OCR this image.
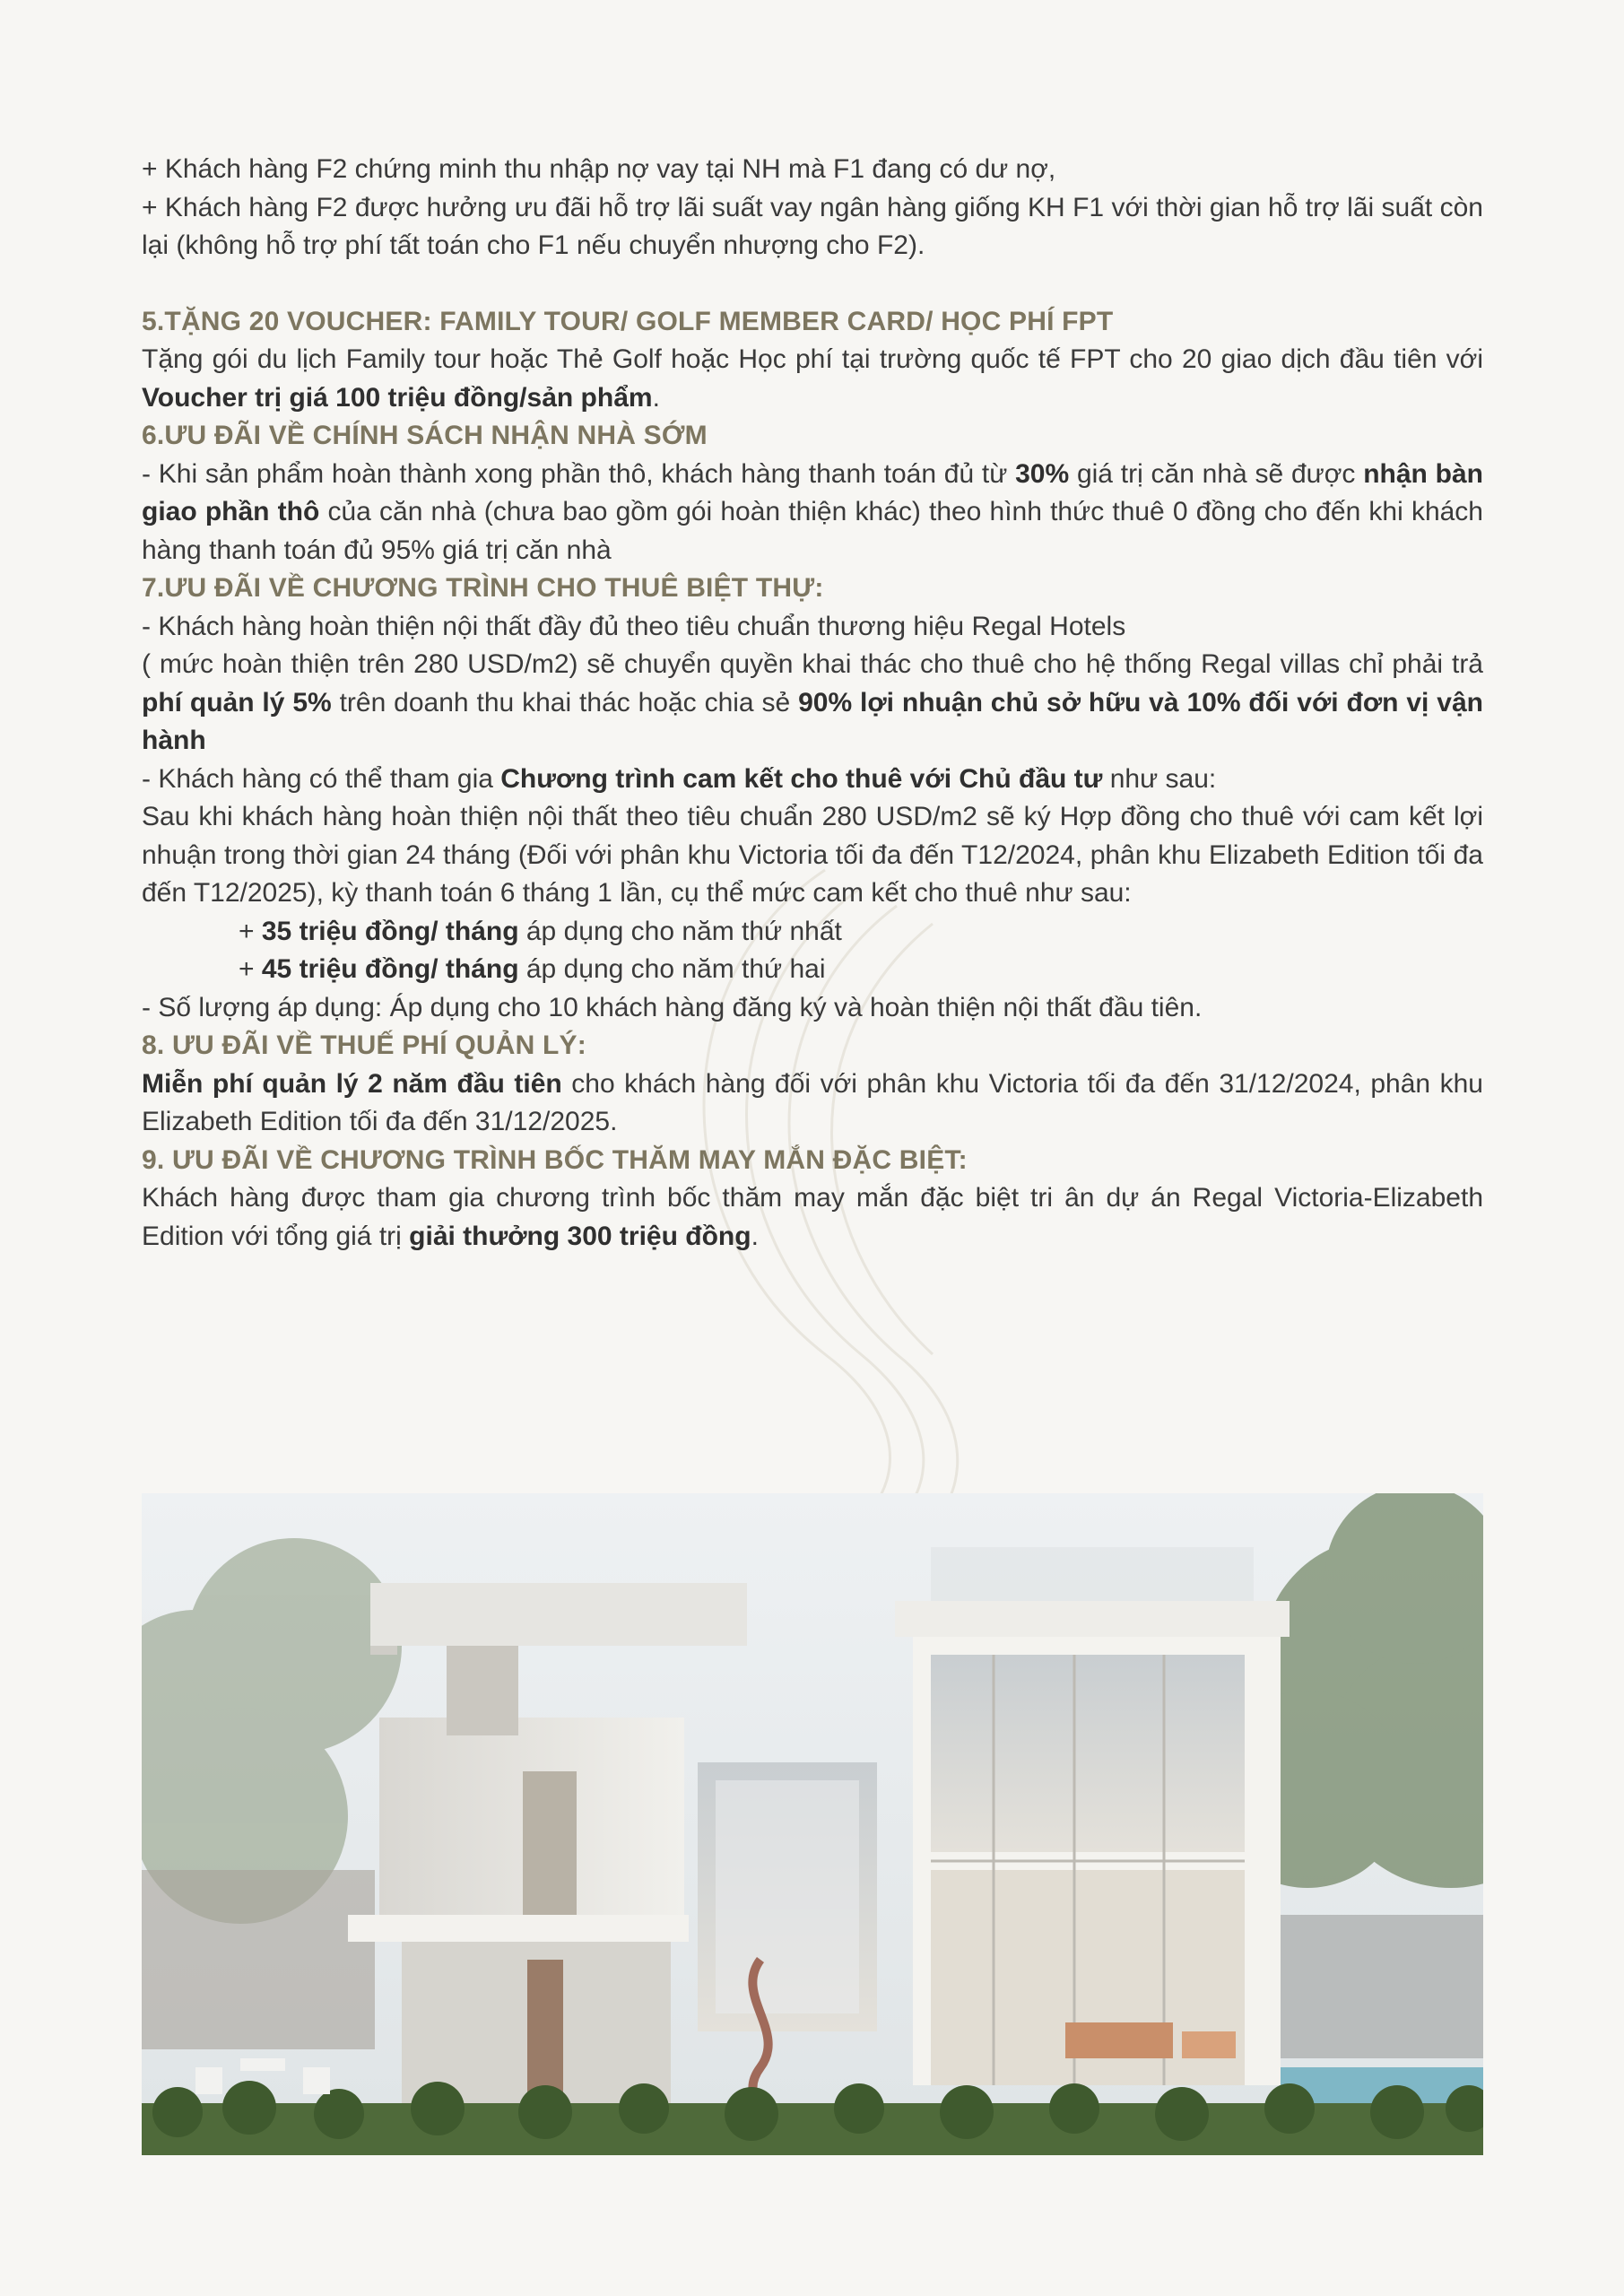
+ Khách hàng F2 chứng minh thu nhập nợ vay tại NH mà F1 đang có dư nợ,

+ Khách hàng F2 được hưởng ưu đãi hỗ trợ lãi suất vay ngân hàng giống KH F1 với thời gian hỗ trợ lãi suất còn lại (không hỗ trợ phí tất toán cho F1 nếu chuyển nhượng cho F2).

5.TẶNG 20 VOUCHER: FAMILY TOUR/ GOLF MEMBER CARD/ HỌC PHÍ FPT

Tặng gói du lịch Family tour hoặc Thẻ Golf hoặc Học phí tại trường quốc tế FPT cho 20 giao dịch đầu tiên với Voucher trị giá 100 triệu đồng/sản phẩm.

6.ƯU ĐÃI VỀ CHÍNH SÁCH NHẬN NHÀ SỚM

- Khi sản phẩm hoàn thành xong phần thô, khách hàng thanh toán đủ từ 30% giá trị căn nhà sẽ được nhận bàn giao phần thô của căn nhà (chưa bao gồm gói hoàn thiện khác) theo hình thức thuê 0 đồng cho đến khi khách hàng thanh toán đủ 95% giá trị căn nhà

7.ƯU ĐÃI VỀ CHƯƠNG TRÌNH CHO THUÊ BIỆT THỰ:

- Khách hàng hoàn thiện nội thất đầy đủ theo tiêu chuẩn thương hiệu Regal Hotels

( mức hoàn thiện trên 280 USD/m2) sẽ chuyển quyền khai thác cho thuê cho hệ thống Regal villas chỉ phải trả phí quản lý 5% trên doanh thu khai thác hoặc chia sẻ 90% lợi nhuận chủ sở hữu và 10% đối với đơn vị vận hành

- Khách hàng có thể tham gia Chương trình cam kết cho thuê với Chủ đầu tư như sau:

Sau khi khách hàng hoàn thiện nội thất theo tiêu chuẩn 280 USD/m2 sẽ ký Hợp đồng cho thuê với cam kết lợi nhuận trong thời gian 24 tháng (Đối với phân khu Victoria tối đa đến T12/2024, phân khu Elizabeth Edition tối đa đến T12/2025), kỳ thanh toán 6 tháng 1 lần, cụ thể mức cam kết cho thuê như sau:

+ 35 triệu đồng/ tháng áp dụng cho năm thứ nhất

+ 45 triệu đồng/ tháng áp dụng cho năm thứ hai

- Số lượng áp dụng: Áp dụng cho 10 khách hàng đăng ký và hoàn thiện nội thất đầu tiên.

8. ƯU ĐÃI VỀ THUẾ PHÍ QUẢN LÝ:

Miễn phí quản lý 2 năm đầu tiên cho khách hàng đối với phân khu Victoria tối đa đến 31/12/2024, phân khu Elizabeth Edition tối đa đến 31/12/2025.

9. ƯU ĐÃI VỀ CHƯƠNG TRÌNH BỐC THĂM MAY MẮN ĐẶC BIỆT:

Khách hàng được tham gia chương trình bốc thăm may mắn đặc biệt tri ân dự án Regal Victoria-Elizabeth Edition với tổng giá trị giải thưởng 300 triệu đồng.
